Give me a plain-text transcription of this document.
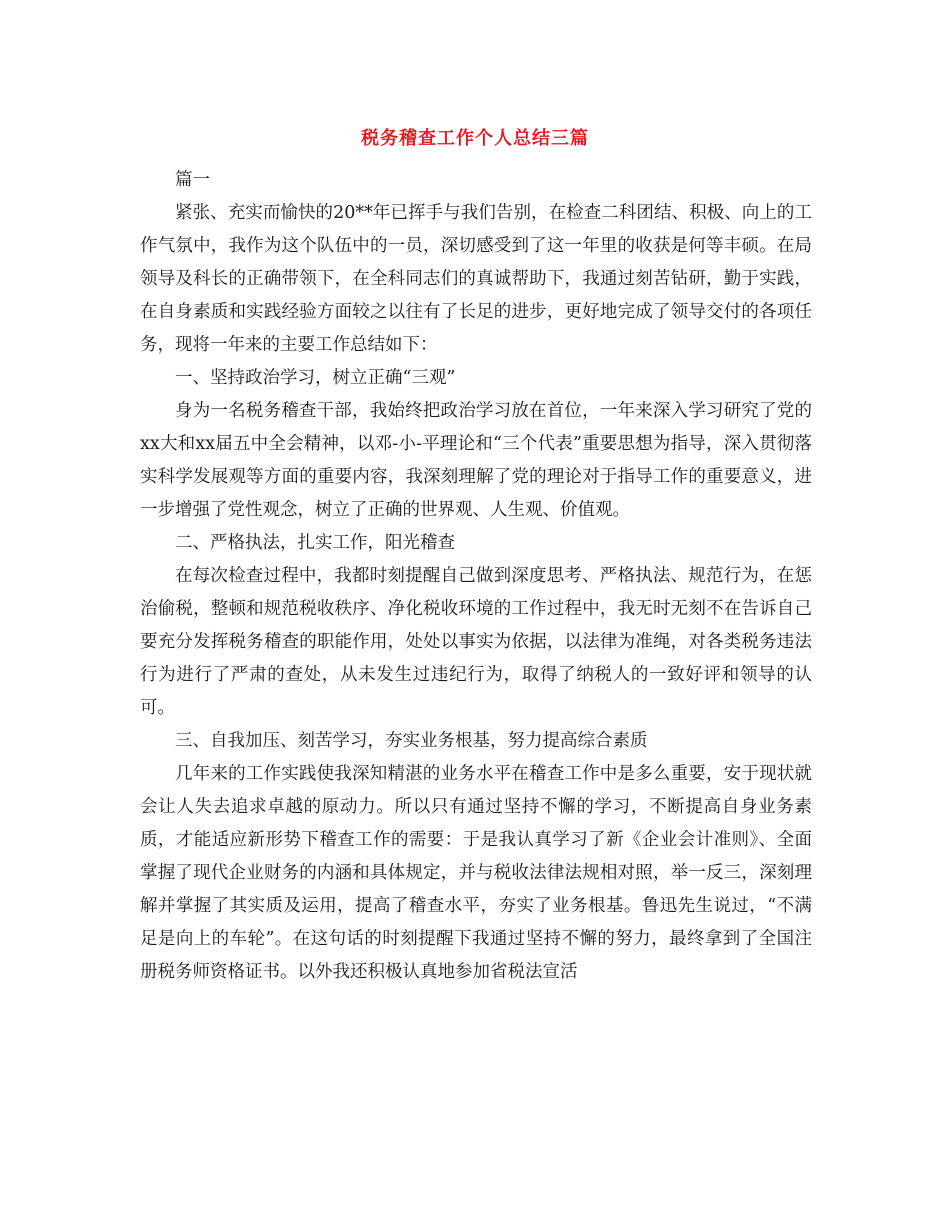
税务稽查工作个人总结三篇

篇一

紧张、充实而愉快的20**年已挥手与我们告别，在检查二科团结、积极、向上的工作气氛中，我作为这个队伍中的一员，深切感受到了这一年里的收获是何等丰硕。在局领导及科长的正确带领下，在全科同志们的真诚帮助下，我通过刻苦钻研，勤于实践，在自身素质和实践经验方面较之以往有了长足的进步，更好地完成了领导交付的各项任务，现将一年来的主要工作总结如下：

一、坚持政治学习，树立正确“三观”

身为一名税务稽查干部，我始终把政治学习放在首位，一年来深入学习研究了党的xx大和xx届五中全会精神，以邓-小-平理论和“三个代表”重要思想为指导，深入贯彻落实科学发展观等方面的重要内容，我深刻理解了党的理论对于指导工作的重要意义，进一步增强了党性观念，树立了正确的世界观、人生观、价值观。

二、严格执法，扎实工作，阳光稽查

在每次检查过程中，我都时刻提醒自己做到深度思考、严格执法、规范行为，在惩治偷税，整顿和规范税收秩序、净化税收环境的工作过程中，我无时无刻不在告诉自己要充分发挥税务稽查的职能作用，处处以事实为依据，以法律为准绳，对各类税务违法行为进行了严肃的查处，从未发生过违纪行为，取得了纳税人的一致好评和领导的认可。

三、自我加压、刻苦学习，夯实业务根基，努力提高综合素质

几年来的工作实践使我深知精湛的业务水平在稽查工作中是多么重要，安于现状就会让人失去追求卓越的原动力。所以只有通过坚持不懈的学习，不断提高自身业务素质，才能适应新形势下稽查工作的需要：于是我认真学习了新《企业会计准则》、全面掌握了现代企业财务的内涵和具体规定，并与税收法律法规相对照，举一反三，深刻理解并掌握了其实质及运用，提高了稽查水平，夯实了业务根基。鲁迅先生说过，“不满足是向上的车轮”。在这句话的时刻提醒下我通过坚持不懈的努力，最终拿到了全国注册税务师资格证书。以外我还积极认真地参加省税法宣活
